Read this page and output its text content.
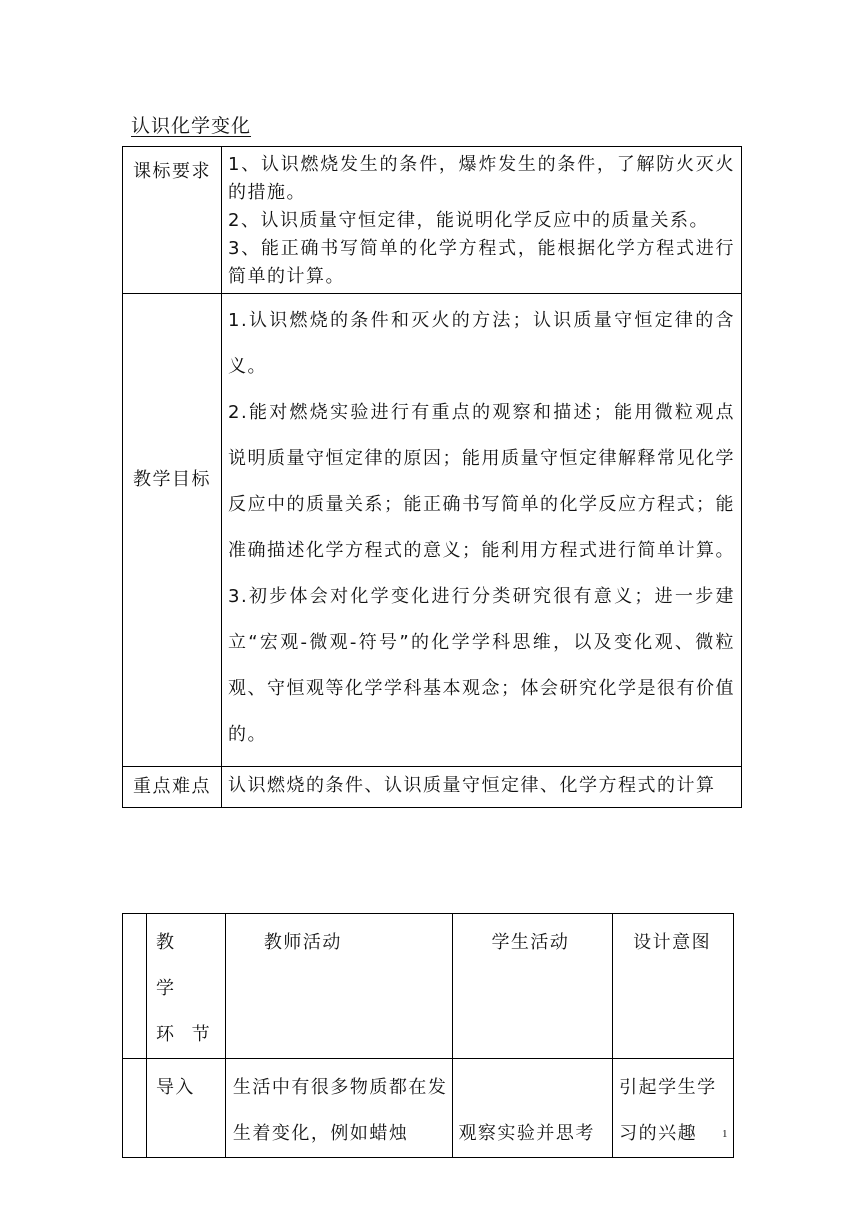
认识化学变化
课标要求	1、认识燃烧发生的条件，爆炸发生的条件，了解防火灭火的措施。

2、认识质量守恒定律，能说明化学反应中的质量关系。

3、能正确书写简单的化学方程式，能根据化学方程式进行简单的计算。

教学目标	1.认识燃烧的条件和灭火的方法；认识质量守恒定律的含义。

2.能对燃烧实验进行有重点的观察和描述；能用微粒观点说明质量守恒定律的原因；能用质量守恒定律解释常见化学反应中的质量关系；能正确书写简单的化学反应方程式；能准确描述化学方程式的意义；能利用方程式进行简单计算。

3.初步体会对化学变化进行分类研究很有意义；进一步建立“宏观-微观-符号”的化学学科思维，以及变化观、微粒观、守恒观等化学学科基本观念；体会研究化学是很有价值的。

重点难点	认识燃烧的条件、认识质量守恒定律、化学方程式的计算

	教　学
环 节	教师活动	学生活动	设计意图
	导入	生活中有很多物质都在发生着变化，例如蜡烛	观察实验并思考	引起学生学习的兴趣 1
